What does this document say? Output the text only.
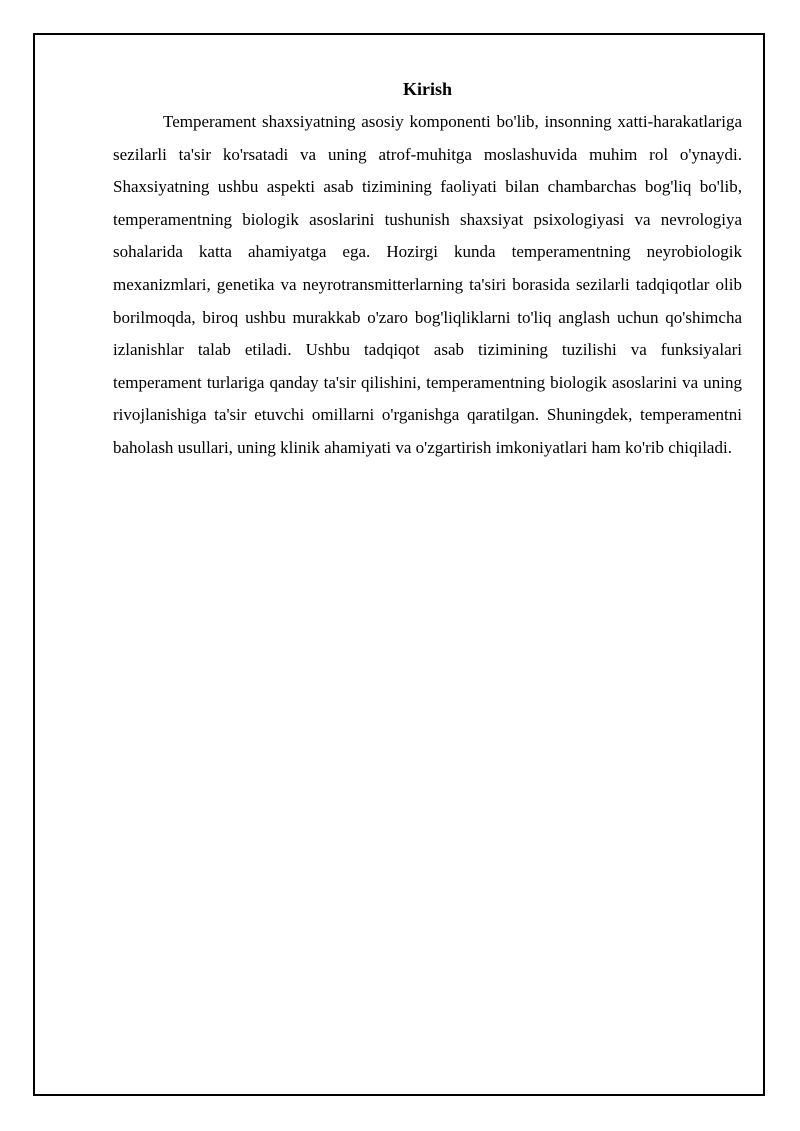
Kirish

Temperament shaxsiyatning asosiy komponenti bo'lib, insonning xatti-harakatlariga sezilarli ta'sir ko'rsatadi va uning atrof-muhitga moslashuvida muhim rol o'ynaydi. Shaxsiyatning ushbu aspekti asab tizimining faoliyati bilan chambarchas bog'liq bo'lib, temperamentning biologik asoslarini tushunish shaxsiyat psixologiyasi va nevrologiya sohalarida katta ahamiyatga ega. Hozirgi kunda temperamentning neyrobiologik mexanizmlari, genetika va neyrotransmitterlarning ta'siri borasida sezilarli tadqiqotlar olib borilmoqda, biroq ushbu murakkab o'zaro bog'liqliklarni to'liq anglash uchun qo'shimcha izlanishlar talab etiladi. Ushbu tadqiqot asab tizimining tuzilishi va funksiyalari temperament turlariga qanday ta'sir qilishini, temperamentning biologik asoslarini va uning rivojlanishiga ta'sir etuvchi omillarni o'rganishga qaratilgan. Shuningdek, temperamentni baholash usullari, uning klinik ahamiyati va o'zgartirish imkoniyatlari ham ko'rib chiqiladi.
